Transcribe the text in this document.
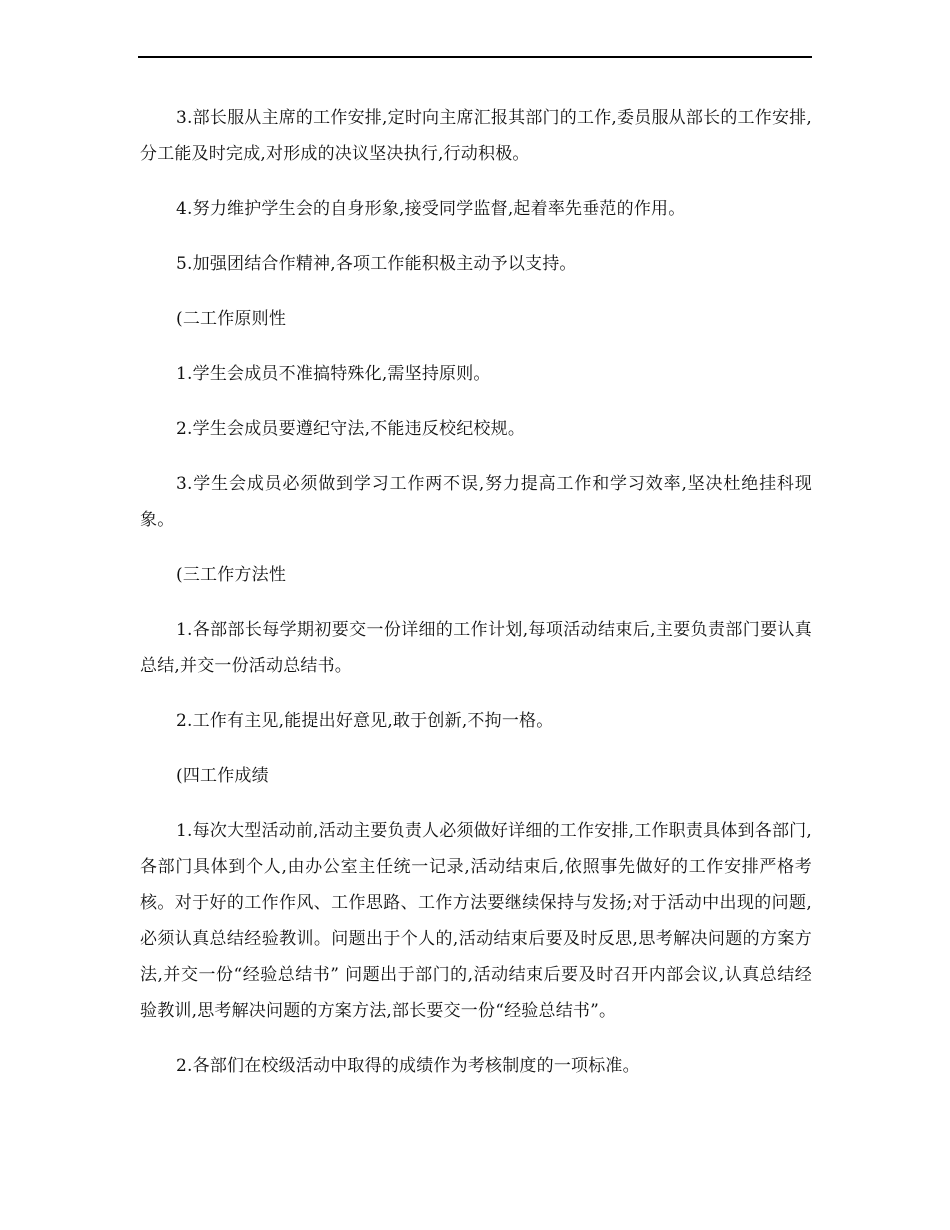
3.部长服从主席的工作安排,定时向主席汇报其部门的工作,委员服从部长的工作安排,分工能及时完成,对形成的决议坚决执行,行动积极。

4.努力维护学生会的自身形象,接受同学监督,起着率先垂范的作用。

5.加强团结合作精神,各项工作能积极主动予以支持。

(二工作原则性

1.学生会成员不准搞特殊化,需坚持原则。

2.学生会成员要遵纪守法,不能违反校纪校规。

3.学生会成员必须做到学习工作两不误,努力提高工作和学习效率,坚决杜绝挂科现象。

(三工作方法性

1.各部部长每学期初要交一份详细的工作计划,每项活动结束后,主要负责部门要认真总结,并交一份活动总结书。

2.工作有主见,能提出好意见,敢于创新,不拘一格。

(四工作成绩

1.每次大型活动前,活动主要负责人必须做好详细的工作安排,工作职责具体到各部门,各部门具体到个人,由办公室主任统一记录,活动结束后,依照事先做好的工作安排严格考核。对于好的工作作风、工作思路、工作方法要继续保持与发扬;对于活动中出现的问题,必须认真总结经验教训。问题出于个人的,活动结束后要及时反思,思考解决问题的方案方法,并交一份“经验总结书” 问题出于部门的,活动结束后要及时召开内部会议,认真总结经验教训,思考解决问题的方案方法,部长要交一份“经验总结书”。

2.各部们在校级活动中取得的成绩作为考核制度的一项标准。
